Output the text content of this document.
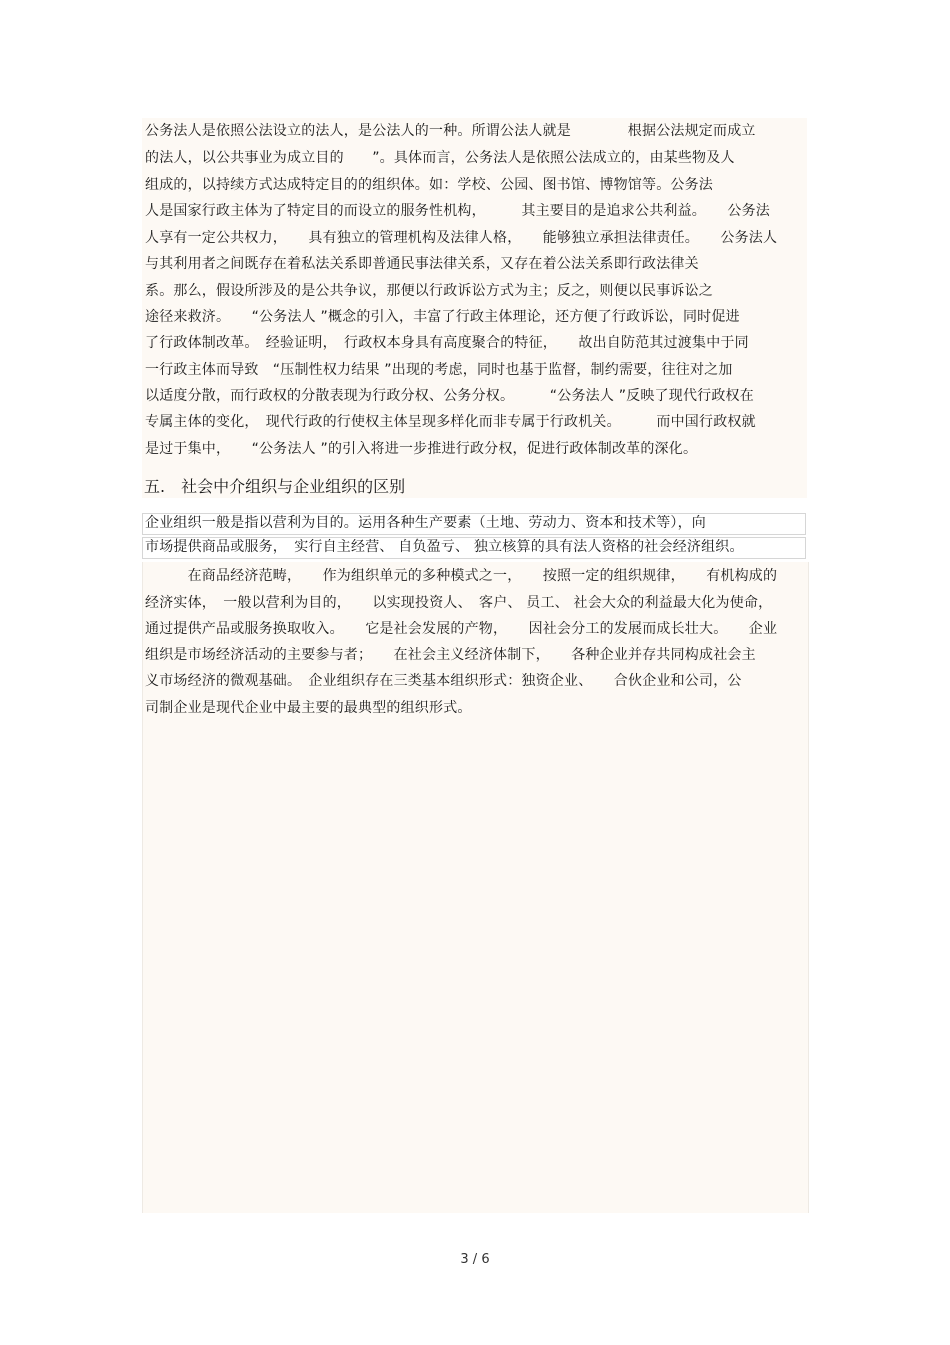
公务法人是依照公法设立的法人，是公法人的一种。所谓公法人就是　　　　根据公法规定而成立
的法人，以公共事业为成立目的　　”。具体而言，公务法人是依照公法成立的，由某些物及人
组成的，以持续方式达成特定目的的组织体。如：学校、公园、图书馆、博物馆等。公务法
人是国家行政主体为了特定目的而设立的服务性机构，　　　其主要目的是追求公共利益。　　公务法
人享有一定公共权力，　　具有独立的管理机构及法律人格，　　能够独立承担法律责任。　　公务法人
与其利用者之间既存在着私法关系即普通民事法律关系，又存在着公法关系即行政法律关
系。那么，假设所涉及的是公共争议，那便以行政诉讼方式为主；反之，则便以民事诉讼之
途径来救济。　　“公务法人 ”概念的引入，丰富了行政主体理论，还方便了行政诉讼，同时促进
了行政体制改革。　经验证明，　行政权本身具有高度聚合的特征，　　故出自防范其过渡集中于同
一行政主体而导致　“压制性权力结果 ”出现的考虑，同时也基于监督，制约需要，往往对之加
以适度分散，而行政权的分散表现为行政分权、公务分权。　　　“公务法人 ”反映了现代行政权在
专属主体的变化，　现代行政的行使权主体呈现多样化而非专属于行政机关。　　　而中国行政权就
是过于集中，　　“公务法人 ”的引入将进一步推进行政分权，促进行政体制改革的深化。
五.　社会中介组织与企业组织的区别
企业组织一般是指以营利为目的。运用各种生产要素（土地、劳动力、资本和技术等），向
市场提供商品或服务，　实行自主经营、 自负盈亏、 独立核算的具有法人资格的社会经济组织。
　　　在商品经济范畴，　　作为组织单元的多种模式之一，　　按照一定的组织规律，　　有机构成的
经济实体，　一般以营利为目的，　　以实现投资人、　客户、 员工、 社会大众的利益最大化为使命，
通过提供产品或服务换取收入。　　它是社会发展的产物，　　因社会分工的发展而成长壮大。　　企业
组织是市场经济活动的主要参与者；　　在社会主义经济体制下，　　各种企业并存共同构成社会主
义市场经济的微观基础。　企业组织存在三类基本组织形式：独资企业、　　合伙企业和公司，公
司制企业是现代企业中最主要的最典型的组织形式。
3 / 6
